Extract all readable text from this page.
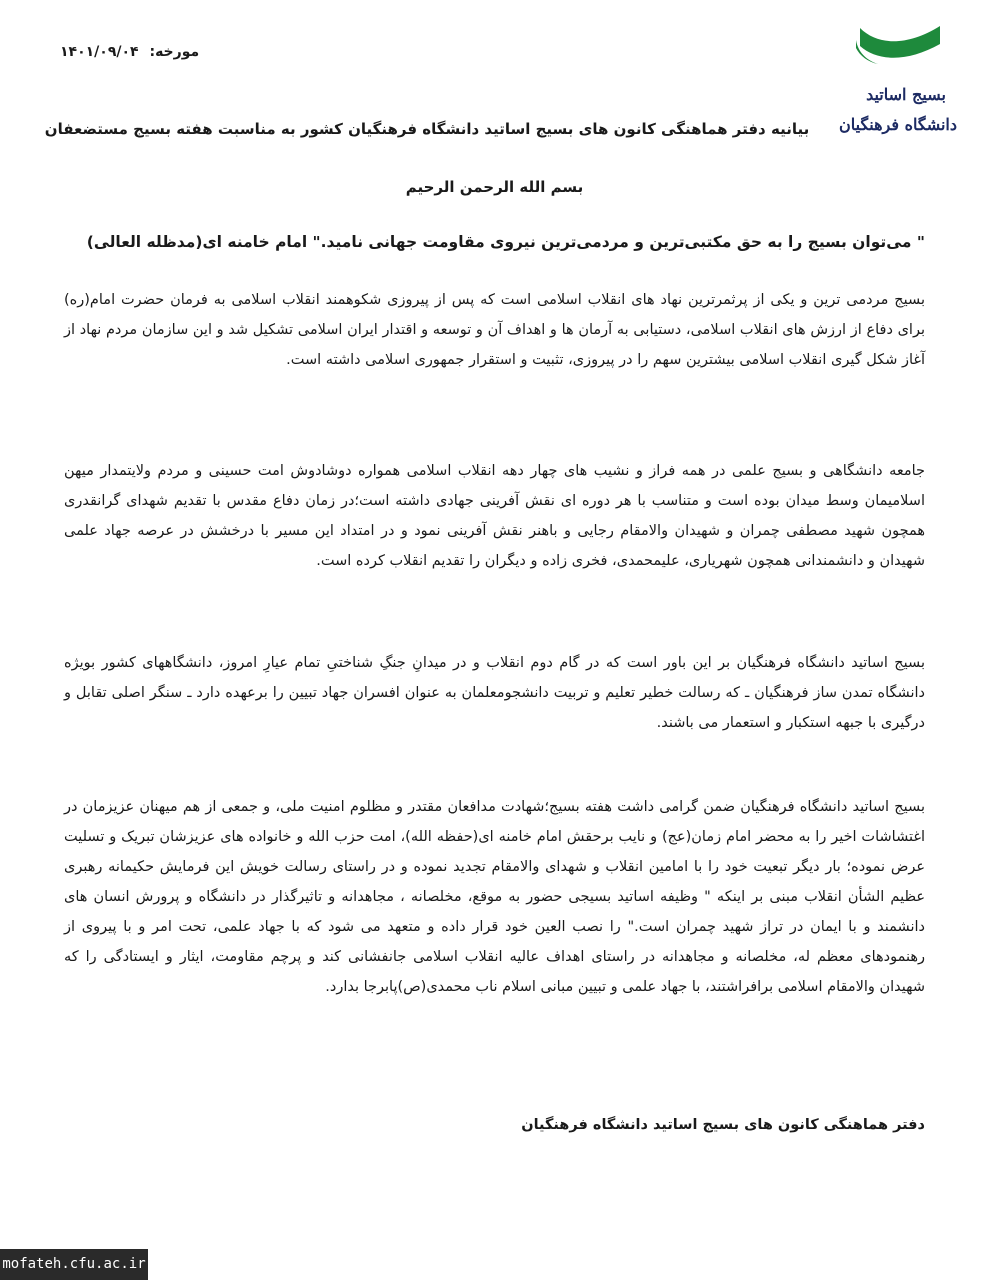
بسیج اساتید
دانشگاه فرهنگیان
مورخه: ۱۴۰۱/۰۹/۰۴
بیانیه دفتر هماهنگی کانون های بسیج اساتید دانشگاه فرهنگیان کشور به مناسبت هفته بسیج مستضعفان
بسم الله الرحمن الرحیم
" می‌توان بسیج را به حق مکتبی‌ترین و مردمی‌ترین نیروی مقاومت جهانی نامید." امام خامنه ای(مدظله العالی)
بسیج مردمی ترین و یکی از پرثمرترین نهاد های انقلاب اسلامی است که پس از پیروزی شکوهمند انقلاب اسلامی به فرمان حضرت امام(ره) برای دفاع از ارزش های انقلاب اسلامی، دستیابی به آرمان ها و اهداف آن و توسعه و اقتدار ایران اسلامی تشکیل شد و این سازمان مردم نهاد از آغاز شکل گیری انقلاب اسلامی بیشترین سهم را در پیروزی، تثبیت و استقرار جمهوری اسلامی داشته است.
جامعه دانشگاهی و بسیج علمی در همه فراز و نشیب های چهار دهه انقلاب اسلامی همواره دوشادوش امت حسینی و مردم ولایتمدار میهن اسلامیمان وسط میدان بوده است و متناسب با هر دوره ای نقش آفرینی جهادی داشته است؛در زمان دفاع مقدس با تقدیم شهدای گرانقدری همچون شهید مصطفی چمران و شهیدان والامقام رجایی و باهنر نقش آفرینی نمود و در امتداد این مسیر با درخشش در عرصه جهاد علمی شهیدان و دانشمندانی همچون شهریاری، علیمحمدی، فخری زاده و دیگران را تقدیم انقلاب کرده است.
بسیج اساتید دانشگاه فرهنگیان بر این باور است که در گام دوم انقلاب و در میدانِ جنگِ شناختیِ تمام عیارِ امروز، دانشگاههای کشور بویژه دانشگاه تمدن ساز فرهنگیان ـ که رسالت خطیر تعلیم و تربیت دانشجومعلمان به عنوان افسران جهاد تبیین را برعهده دارد ـ سنگر اصلی تقابل و درگیری با جبهه استکبار و استعمار می باشند.
بسیج اساتید دانشگاه فرهنگیان ضمن گرامی داشت هفته بسیج؛شهادت مدافعان مقتدر و مظلوم امنیت ملی، و جمعی از هم میهنان عزیزمان در اغتشاشات اخیر را به محضر امام زمان(عج) و نایب برحقش امام خامنه ای(حفظه الله)، امت حزب الله و خانواده های عزیزشان تبریک و تسلیت عرض نموده؛ بار دیگر تبعیت خود را با امامین انقلاب و شهدای والامقام تجدید نموده و در راستای رسالت خویش این فرمایش حکیمانه رهبری عظیم الشأن انقلاب مبنی بر اینکه " وظیفه اساتید بسیجی حضور به موقع، مخلصانه ، مجاهدانه و تاثیرگذار در دانشگاه و پرورش انسان های دانشمند و با ایمان در تراز شهید چمران است." را نصب العین خود قرار داده و متعهد می شود که با جهاد علمی، تحت امر و با پیروی از رهنمودهای معظم له، مخلصانه و مجاهدانه در راستای اهداف عالیه انقلاب اسلامی جانفشانی کند و پرچم مقاومت، ایثار و ایستادگی را که شهیدان والامقام اسلامی برافراشتند، با جهاد علمی و تبیین مبانی اسلام ناب محمدی(ص)پابرجا بدارد.
دفتر هماهنگی کانون های بسیج اساتید دانشگاه فرهنگیان
mofateh.cfu.ac.ir
